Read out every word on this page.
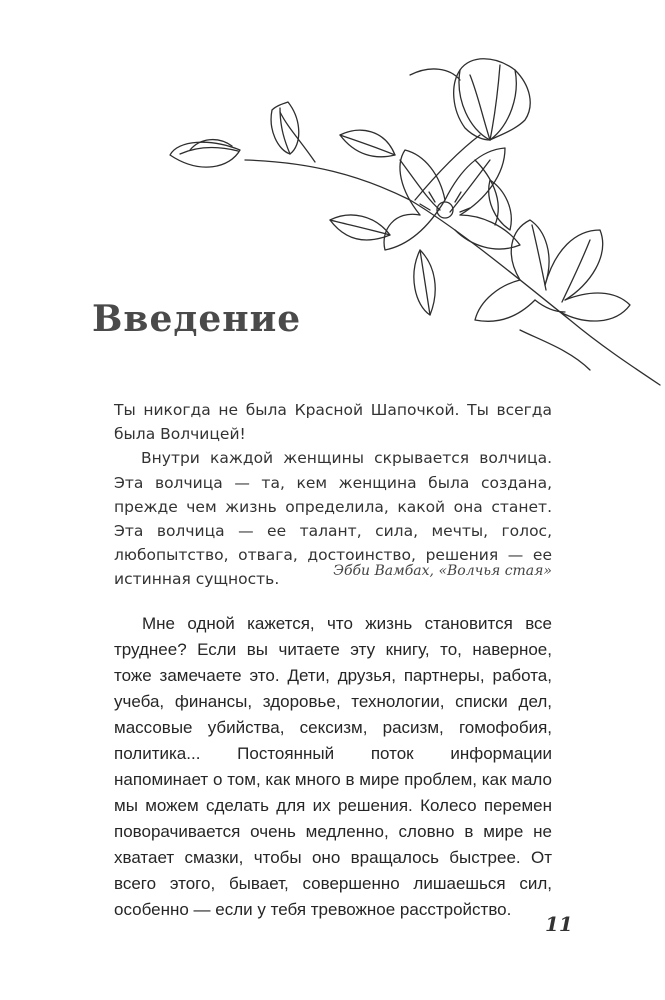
Введение

Ты никогда не была Красной Шапочкой. Ты всегда была Волчицей!

Внутри каждой женщины скрывается волчица. Эта волчица — та, кем женщина была создана, прежде чем жизнь определила, какой она станет. Эта волчица — ее талант, сила, мечты, голос, любопытство, отвага, достоинство, решения — ее истинная сущность.	Эбби Вамбах, «Волчья стая»

Мне одной кажется, что жизнь становится все труднее? Если вы читаете эту книгу, то, наверное, тоже замечаете это. Дети, друзья, партнеры, работа, учеба, финансы, здоровье, технологии, списки дел, массовые убийства, сексизм, расизм, гомофобия, политика... Постоянный поток информации напоминает о том, как много в мире проблем, как мало мы можем сделать для их решения. Колесо перемен поворачивается очень медленно, словно в мире не хватает смазки, чтобы оно вращалось быстрее. От всего этого, бывает, совершенно лишаешься сил, особенно — если у тебя тревожное расстройство.

11
